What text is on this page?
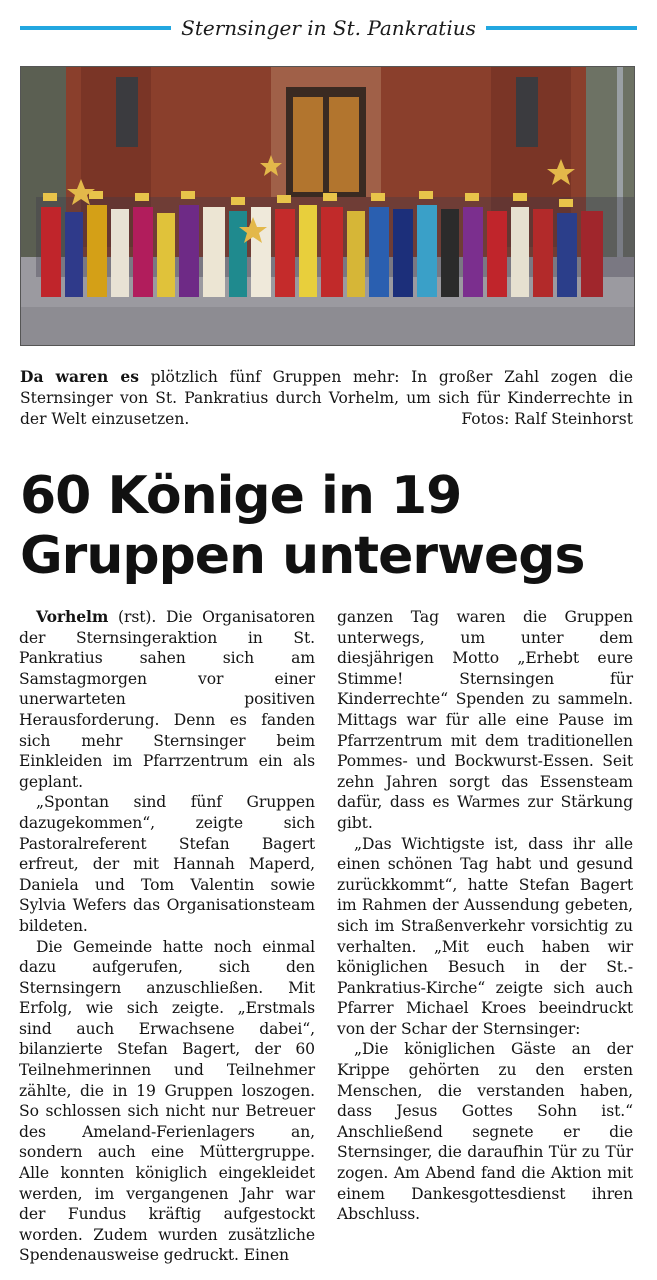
Sternsinger in St. Pankratius
Da waren es plötzlich fünf Gruppen mehr: In großer Zahl zogen die Sternsinger von St. Pankratius durch Vorhelm, um sich für Kinderrechte in der Welt einzusetzen.	Fotos: Ralf Steinhorst
60 Könige in 19
Gruppen unterwegs

Vorhelm (rst). Die Organisatoren der Sternsingeraktion in St. Pankratius sahen sich am Samstagmorgen vor einer unerwarteten positiven Herausforderung. Denn es fanden sich mehr Sternsinger beim Einkleiden im Pfarrzentrum ein als geplant.

„Spontan sind fünf Gruppen dazugekommen“, zeigte sich Pastoralreferent Stefan Bagert erfreut, der mit Hannah Maperd, Daniela und Tom Valentin sowie Sylvia Wefers das Organisationsteam bildeten.

Die Gemeinde hatte noch einmal dazu aufgerufen, sich den Sternsingern anzuschließen. Mit Erfolg, wie sich zeigte. „Erstmals sind auch Erwachsene dabei“, bilanzierte Stefan Bagert, der 60 Teilnehmerinnen und Teilnehmer zählte, die in 19 Gruppen loszogen. So schlossen sich nicht nur Betreuer des Ameland-Ferienlagers an, sondern auch eine Müttergruppe. Alle konnten königlich eingekleidet werden, im vergangenen Jahr war der Fundus kräftig aufgestockt worden. Zudem wurden zusätzliche Spendenausweise gedruckt. Einen

ganzen Tag waren die Gruppen unterwegs, um unter dem diesjährigen Motto „Erhebt eure Stimme! Sternsingen für Kinderrechte“ Spenden zu sammeln. Mittags war für alle eine Pause im Pfarrzentrum mit dem traditionellen Pommes- und Bockwurst-Essen. Seit zehn Jahren sorgt das Essensteam dafür, dass es Warmes zur Stärkung gibt.

„Das Wichtigste ist, dass ihr alle einen schönen Tag habt und gesund zurückkommt“, hatte Stefan Bagert im Rahmen der Aussendung gebeten, sich im Straßenverkehr vorsichtig zu verhalten. „Mit euch haben wir königlichen Besuch in der St.-Pankratius-Kirche“ zeigte sich auch Pfarrer Michael Kroes beeindruckt von der Schar der Sternsinger:

„Die königlichen Gäste an der Krippe gehörten zu den ersten Menschen, die verstanden haben, dass Jesus Gottes Sohn ist.“ Anschließend segnete er die Sternsinger, die daraufhin Tür zu Tür zogen. Am Abend fand die Aktion mit einem Dankesgottesdienst ihren Abschluss.
